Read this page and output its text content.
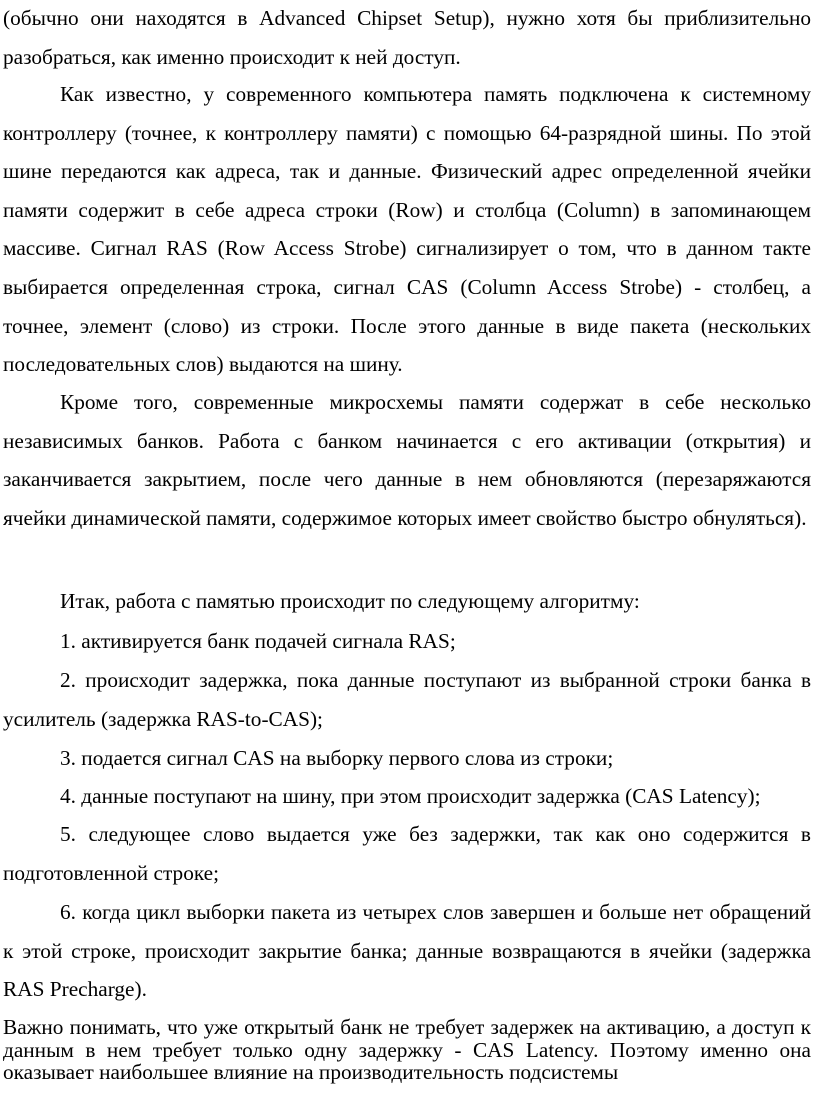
(обычно они находятся в Advanced Chipset Setup), нужно хотя бы приблизительно разобраться, как именно происходит к ней доступ.

Как известно, у современного компьютера память подключена к системному контроллеру (точнее, к контроллеру памяти) с помощью 64-разрядной шины. По этой шине передаются как адреса, так и данные. Физический адрес определенной ячейки памяти содержит в себе адреса строки (Row) и столбца (Column) в запоминающем массиве. Сигнал RAS (Row Access Strobe) сигнализирует о том, что в данном такте выбирается определенная строка, сигнал CAS (Column Access Strobe) - столбец, а точнее, элемент (слово) из строки. После этого данные в виде пакета (нескольких последовательных слов) выдаются на шину.

Кроме того, современные микросхемы памяти содержат в себе несколько независимых банков. Работа с банком начинается с его активации (открытия) и заканчивается закрытием, после чего данные в нем обновляются (перезаряжаются ячейки динамической памяти, содержимое которых имеет свойство быстро обнуляться).

Итак, работа с памятью происходит по следующему алгоритму:

1. активируется банк подачей сигнала RAS;

2. происходит задержка, пока данные поступают из выбранной строки банка в усилитель (задержка RAS-to-CAS);

3. подается сигнал CAS на выборку первого слова из строки;

4. данные поступают на шину, при этом происходит задержка (CAS Latency);

5. следующее слово выдается уже без задержки, так как оно содержится в подготовленной строке;

6. когда цикл выборки пакета из четырех слов завершен и больше нет обращений к этой строке, происходит закрытие банка; данные возвращаются в ячейки (задержка RAS Precharge).

Важно понимать, что уже открытый банк не требует задержек на активацию, а доступ к данным в нем требует только одну задержку - CAS Latency. Поэтому именно она оказывает наибольшее влияние на производительность подсистемы
